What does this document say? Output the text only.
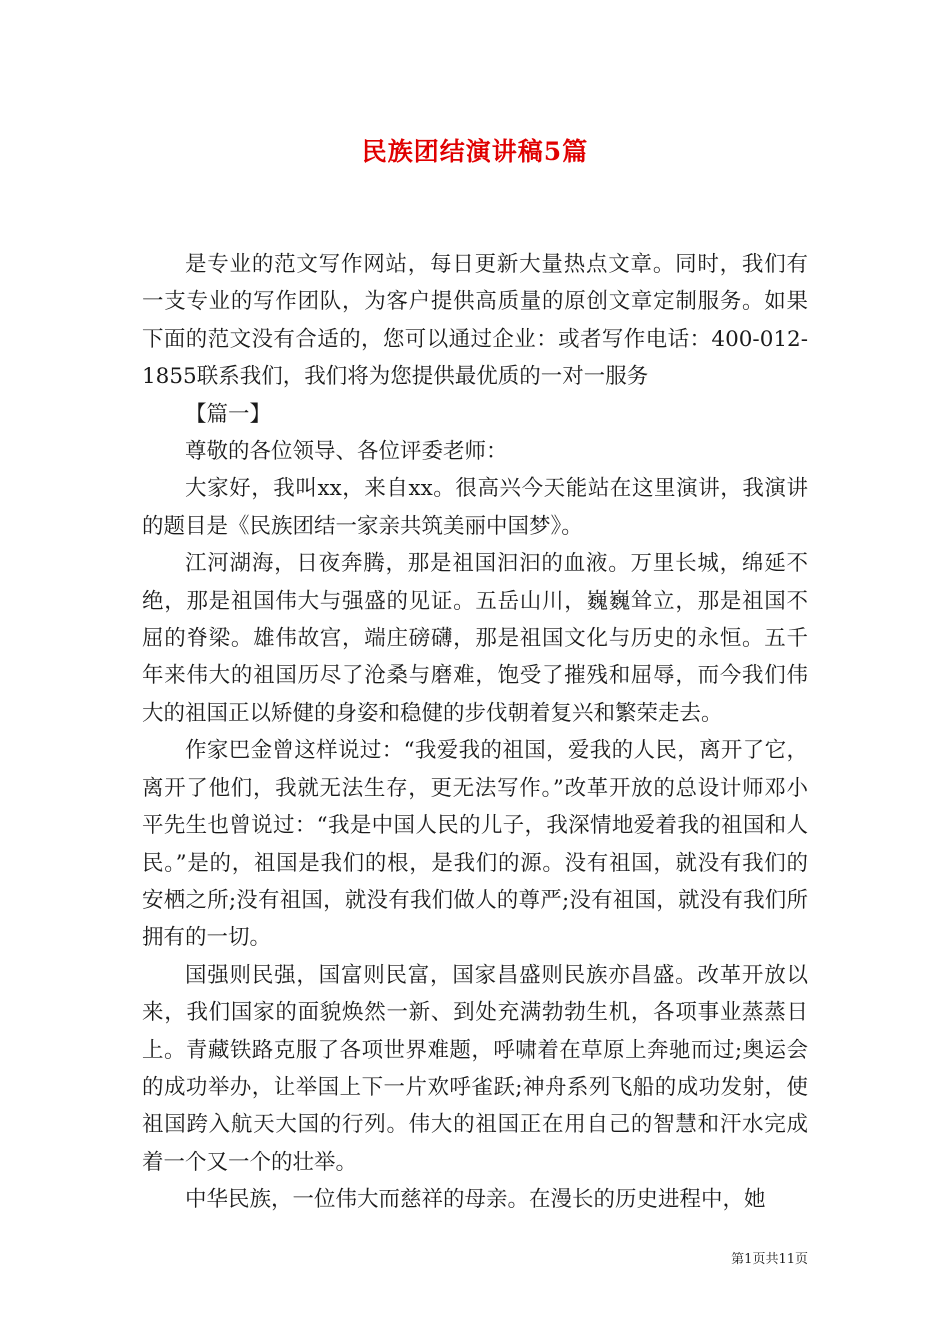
民族团结演讲稿5篇

是专业的范文写作网站，每日更新大量热点文章。同时，我们有一支专业的写作团队，为客户提供高质量的原创文章定制服务。如果下面的范文没有合适的，您可以通过企业：或者写作电话：400-012-1855联系我们，我们将为您提供最优质的一对一服务

【篇一】

尊敬的各位领导、各位评委老师：

大家好，我叫xx，来自xx。很高兴今天能站在这里演讲，我演讲的题目是《民族团结一家亲共筑美丽中国梦》。

江河湖海，日夜奔腾，那是祖国汩汩的血液。万里长城，绵延不绝，那是祖国伟大与强盛的见证。五岳山川，巍巍耸立，那是祖国不屈的脊梁。雄伟故宫，端庄磅礴，那是祖国文化与历史的永恒。五千年来伟大的祖国历尽了沧桑与磨难，饱受了摧残和屈辱，而今我们伟大的祖国正以矫健的身姿和稳健的步伐朝着复兴和繁荣走去。

作家巴金曾这样说过：“我爱我的祖国，爱我的人民，离开了它，离开了他们，我就无法生存，更无法写作。”改革开放的总设计师邓小平先生也曾说过：“我是中国人民的儿子，我深情地爱着我的祖国和人民。”是的，祖国是我们的根，是我们的源。没有祖国，就没有我们的安栖之所;没有祖国，就没有我们做人的尊严;没有祖国，就没有我们所拥有的一切。

国强则民强，国富则民富，国家昌盛则民族亦昌盛。改革开放以来，我们国家的面貌焕然一新、到处充满勃勃生机，各项事业蒸蒸日上。青藏铁路克服了各项世界难题，呼啸着在草原上奔驰而过;奥运会的成功举办，让举国上下一片欢呼雀跃;神舟系列飞船的成功发射，使祖国跨入航天大国的行列。伟大的祖国正在用自己的智慧和汗水完成着一个又一个的壮举。

中华民族，一位伟大而慈祥的母亲。在漫长的历史进程中，她

第1页共11页
